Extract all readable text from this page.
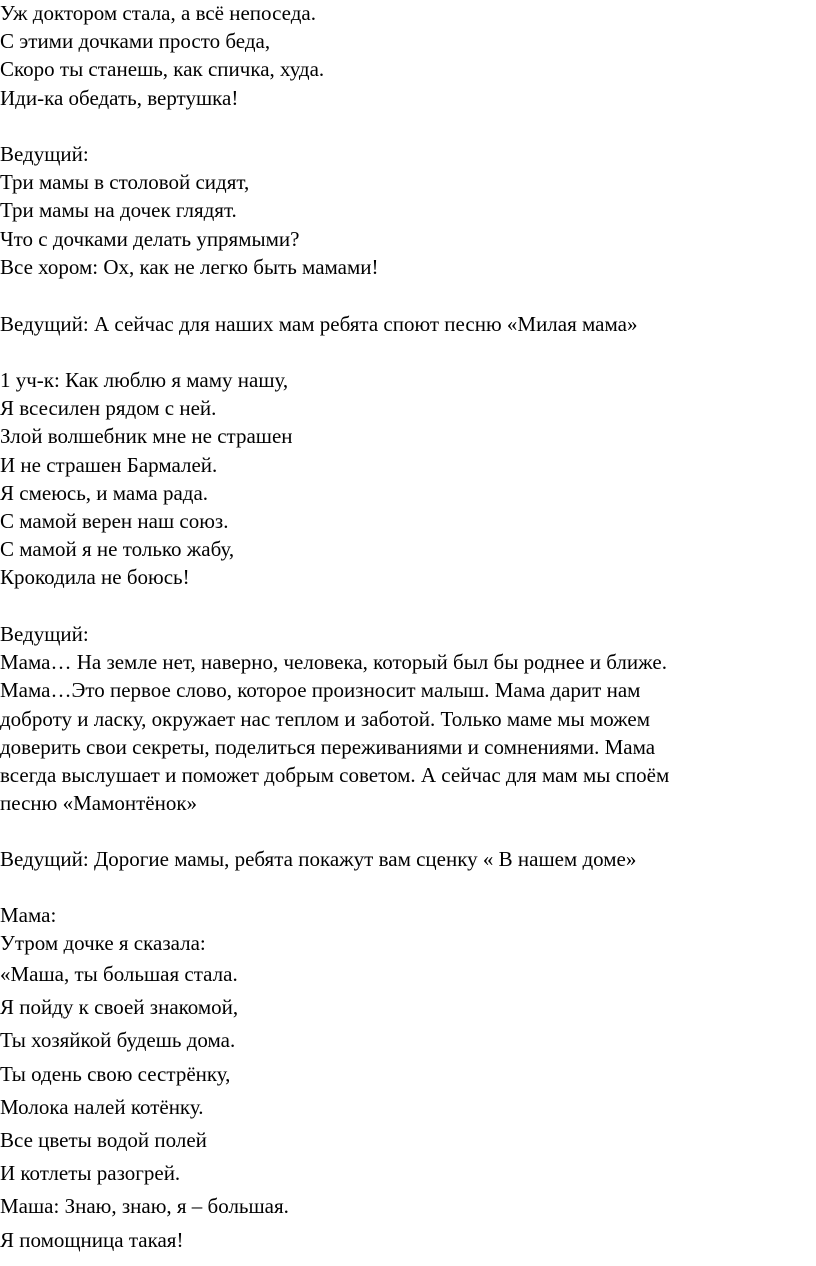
Уж доктором стала, а всё непоседа.
С этими дочками просто беда,
Скоро ты станешь, как спичка, худа.
Иди-ка обедать, вертушка!
Ведущий:
Три мамы в столовой сидят,
Три мамы на дочек глядят.
Что с дочками делать упрямыми?
Все хором: Ох, как не легко быть мамами!
Ведущий: А сейчас для наших мам ребята споют песню «Милая мама»
1 уч-к: Как люблю я маму нашу,
Я всесилен рядом с ней.
Злой волшебник мне не страшен
И не страшен Бармалей.
Я смеюсь, и мама рада.
С мамой верен наш союз.
С мамой я не только жабу,
Крокодила не боюсь!
Ведущий:
Мама… На земле нет, наверно, человека, который был бы роднее и ближе.
Мама…Это первое слово, которое произносит малыш. Мама дарит нам
доброту и ласку, окружает нас теплом и заботой. Только маме мы можем
доверить свои секреты, поделиться переживаниями и сомнениями. Мама
всегда выслушает и поможет добрым советом. А сейчас для мам мы споём
песню «Мамонтёнок»
Ведущий: Дорогие мамы, ребята покажут вам сценку « В нашем доме»
Мама:
Утром дочке я сказала:
«Маша, ты большая стала.
Я пойду к своей знакомой,
Ты хозяйкой будешь дома.
Ты одень свою сестрёнку,
Молока налей котёнку.
Все цветы водой полей
И котлеты разогрей.
Маша: Знаю, знаю, я – большая.
Я помощница такая!
